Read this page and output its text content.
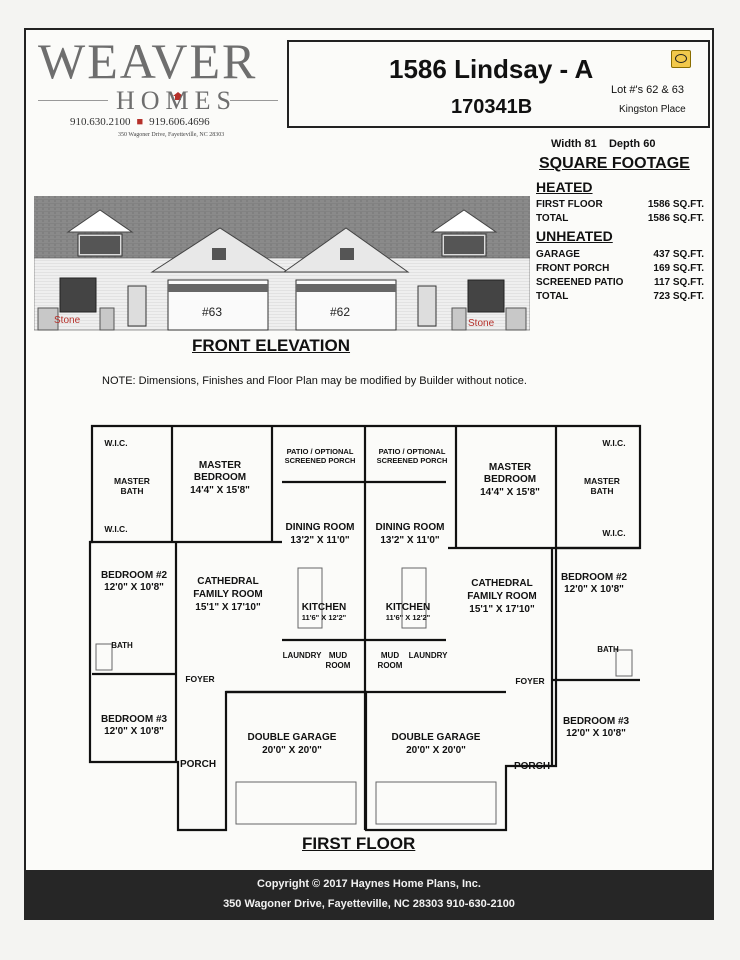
WEAVER
HOMES
910.630.2100 ■ 919.606.4696
350 Wagoner Drive, Fayetteville, NC 28303
1586 Lindsay - A
170341B
Lot #'s 62 & 63
Kingston Place
Width 81 Depth 60
SQUARE FOOTAGE
HEATED
FIRST FLOOR	1586 SQ.FT.
TOTAL	1586 SQ.FT.
UNHEATED
GARAGE	437 SQ.FT.
FRONT PORCH	169 SQ.FT.
SCREENED PATIO	117 SQ.FT.
TOTAL	723 SQ.FT.
Stone	Stone
#63	#62
FRONT ELEVATION
NOTE: Dimensions, Finishes and Floor Plan may be modified by Builder without notice.
W.I.C.
MASTER
BATH
W.I.C.
MASTER
BEDROOM
14'4" X 15'8"
PATIO / OPTIONAL
SCREENED PORCH
DINING ROOM
13'2" X 11'0"
BEDROOM #2
12'0" X 10'8"
CATHEDRAL
FAMILY ROOM
15'1" X 17'10"	KITCHEN
11'6" X 12'2"
BATH
LAUNDRY MUD
ROOM
FOYER
BEDROOM #3
12'0" X 10'8"
DOUBLE GARAGE
20'0" X 20'0"
PORCH
W.I.C.
MASTER
BATH
W.I.C.
MASTER
BEDROOM
14'4" X 15'8"
PATIO / OPTIONAL
SCREENED PORCH
DINING ROOM
13'2" X 11'0"
BEDROOM #2
12'0" X 10'8"
CATHEDRAL
FAMILY ROOM
15'1" X 17'10"
KITCHEN
11'6" X 12'2"
BATH
LAUNDRY
MUD
ROOM
FOYER
BEDROOM #3
12'0" X 10'8"
DOUBLE GARAGE
20'0" X 20'0"
PORCH
FIRST FLOOR
Copyright © 2017 Haynes Home Plans, Inc.
350 Wagoner Drive, Fayetteville, NC 28303 910-630-2100
